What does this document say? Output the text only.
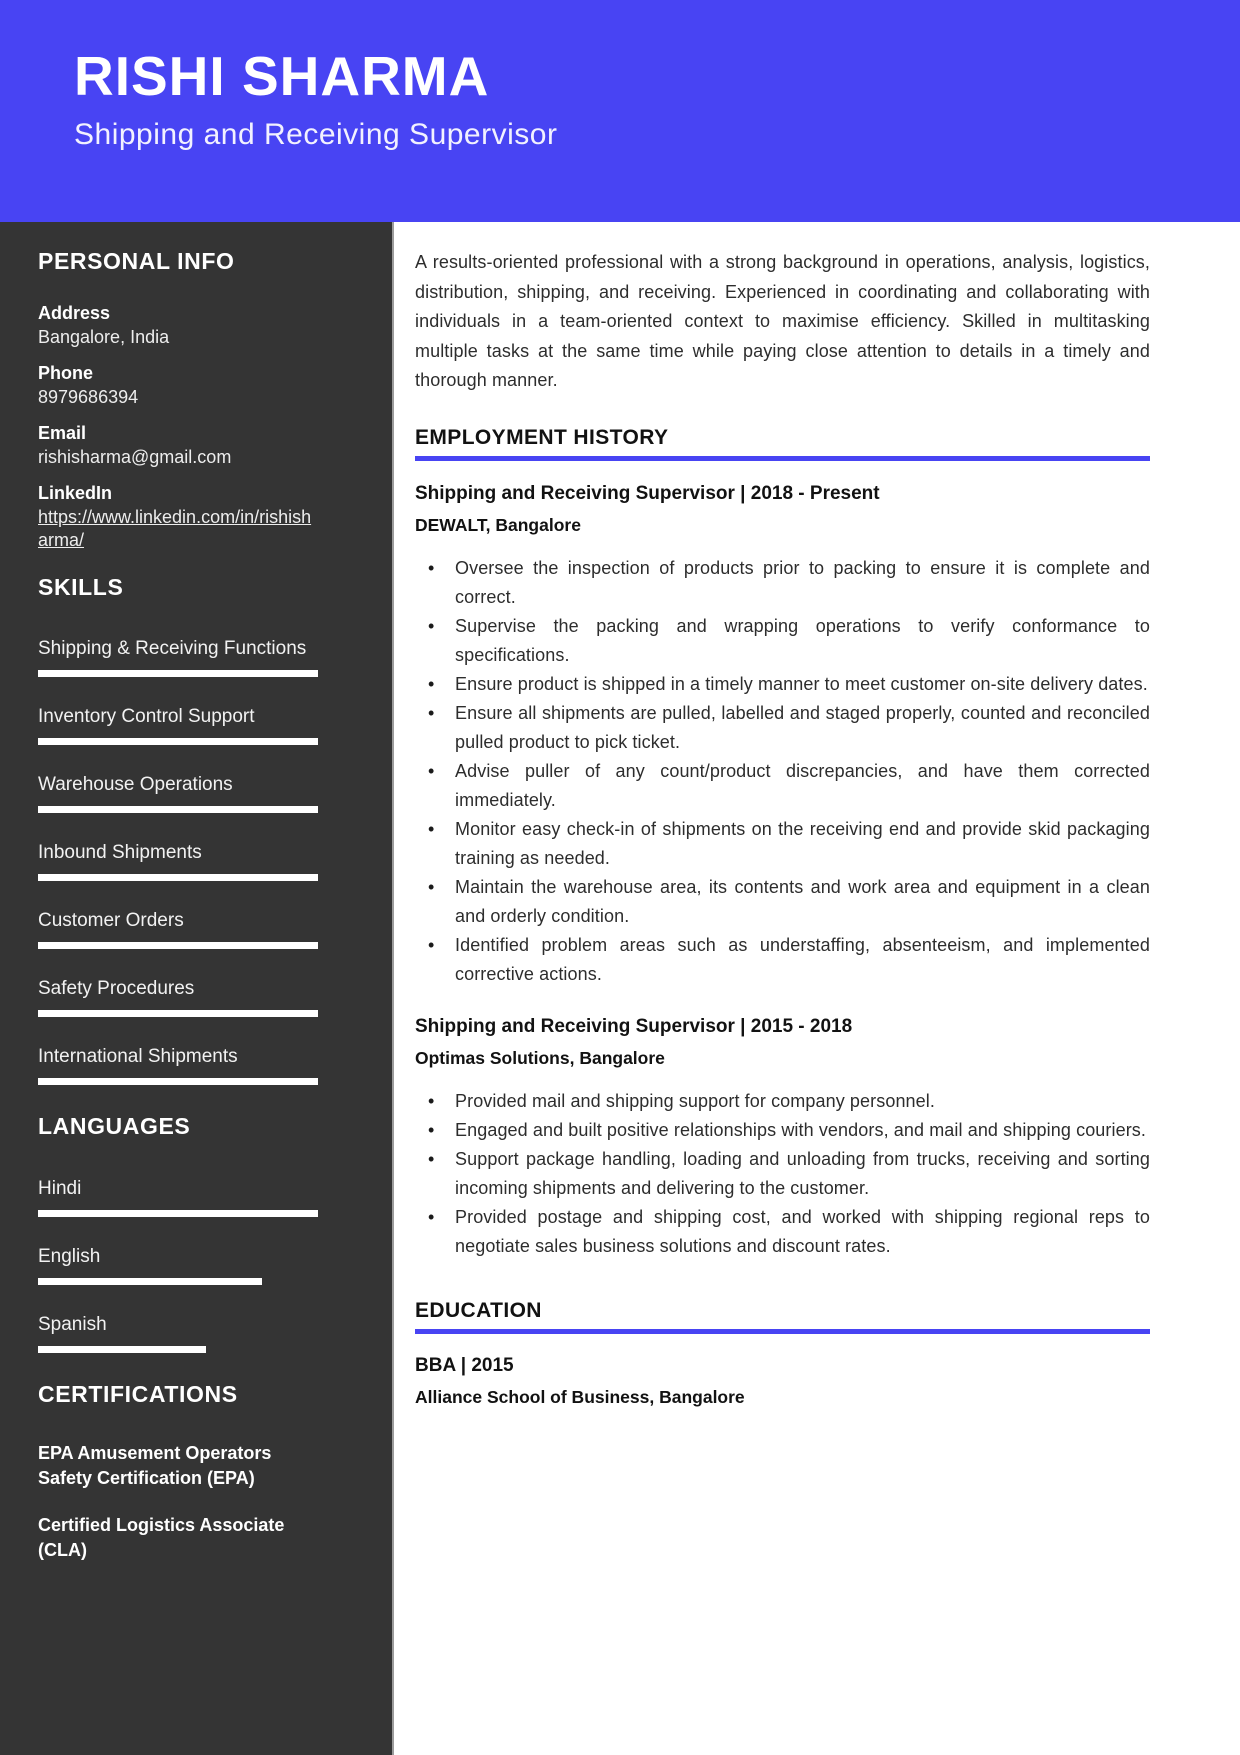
RISHI SHARMA
Shipping and Receiving Supervisor
PERSONAL INFO
Address
Bangalore, India
Phone
8979686394
Email
rishisharma@gmail.com
LinkedIn
https://www.linkedin.com/in/rishisharma/
SKILLS
Shipping & Receiving Functions
Inventory Control Support
Warehouse Operations
Inbound Shipments
Customer Orders
Safety Procedures
International Shipments
LANGUAGES
Hindi
English
Spanish
CERTIFICATIONS
EPA Amusement Operators Safety Certification (EPA)
Certified Logistics Associate (CLA)

A results-oriented professional with a strong background in operations, analysis, logistics, distribution, shipping, and receiving. Experienced in coordinating and collaborating with individuals in a team-oriented context to maximise efficiency. Skilled in multitasking multiple tasks at the same time while paying close attention to details in a timely and thorough manner.

EMPLOYMENT HISTORY
Shipping and Receiving Supervisor | 2018 - Present
DEWALT, Bangalore
• Oversee the inspection of products prior to packing to ensure it is complete and correct.
• Supervise the packing and wrapping operations to verify conformance to specifications.
• Ensure product is shipped in a timely manner to meet customer on-site delivery dates.
• Ensure all shipments are pulled, labelled and staged properly, counted and reconciled pulled product to pick ticket.
• Advise puller of any count/product discrepancies, and have them corrected immediately.
• Monitor easy check-in of shipments on the receiving end and provide skid packaging training as needed.
• Maintain the warehouse area, its contents and work area and equipment in a clean and orderly condition.
• Identified problem areas such as understaffing, absenteeism, and implemented corrective actions.
Shipping and Receiving Supervisor | 2015 - 2018
Optimas Solutions, Bangalore
• Provided mail and shipping support for company personnel.
• Engaged and built positive relationships with vendors, and mail and shipping couriers.
• Support package handling, loading and unloading from trucks, receiving and sorting incoming shipments and delivering to the customer.
• Provided postage and shipping cost, and worked with shipping regional reps to negotiate sales business solutions and discount rates.
EDUCATION
BBA | 2015
Alliance School of Business, Bangalore
